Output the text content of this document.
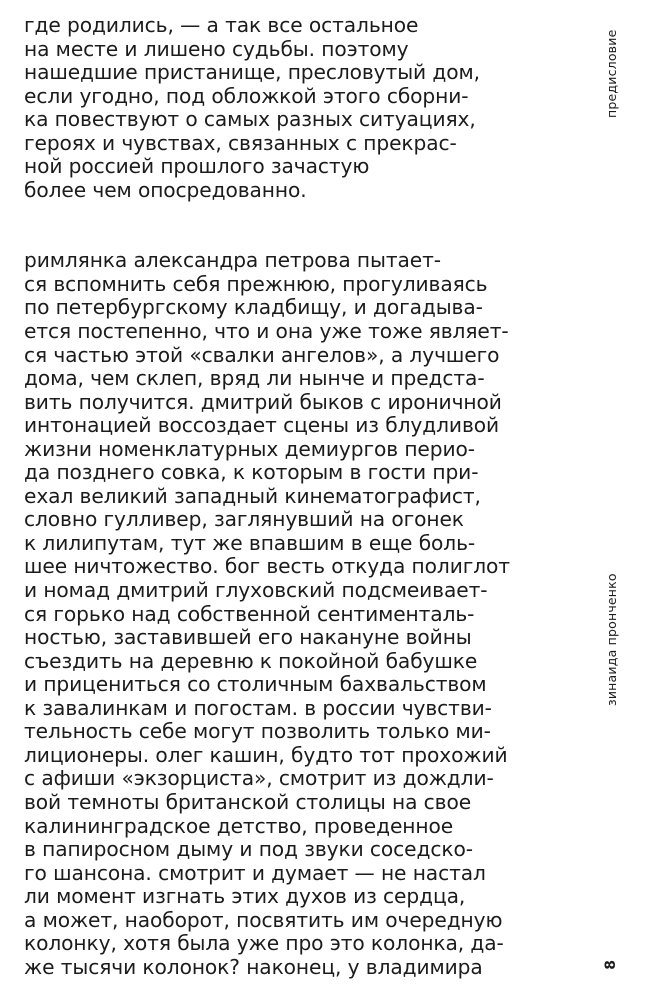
где родились, — а так все остальное
на месте и лишено судьбы. поэтому
нашедшие пристанище, пресловутый дом,
если угодно, под обложкой этого сборни-
ка повествуют о самых разных ситуациях,
героях и чувствах, связанных с прекрас-
ной россией прошлого зачастую
более чем опосредованно.
римлянка александра петрова пытает-
ся вспомнить себя прежнюю, прогуливаясь
по петербургскому кладбищу, и догадыва-
ется постепенно, что и она уже тоже являет-
ся частью этой «свалки ангелов», а лучшего
дома, чем склеп, вряд ли нынче и предста-
вить получится. дмитрий быков с ироничной
интонацией воссоздает сцены из блудливой
жизни номенклатурных демиургов перио-
да позднего совка, к которым в гости при-
ехал великий западный кинематографист,
словно гулливер, заглянувший на огонек
к лилипутам, тут же впавшим в еще боль-
шее ничтожество. бог весть откуда полиглот
и номад дмитрий глуховский подсмеивает-
ся горько над собственной сентименталь-
ностью, заставившей его накануне войны
съездить на деревню к покойной бабушке
и прицениться со столичным бахвальством
к завалинкам и погостам. в россии чувстви-
тельность себе могут позволить только ми-
лиционеры. олег кашин, будто тот прохожий
с афиши «экзорциста», смотрит из дождли-
вой темноты британской столицы на свое
калининградское детство, проведенное
в папиросном дыму и под звуки соседско-
го шансона. смотрит и думает — не настал
ли момент изгнать этих духов из сердца,
а может, наоборот, посвятить им очередную
колонку, хотя была уже про это колонка, да-
же тысячи колонок? наконец, у владимира
предисловие
зинаида пронченко
8
